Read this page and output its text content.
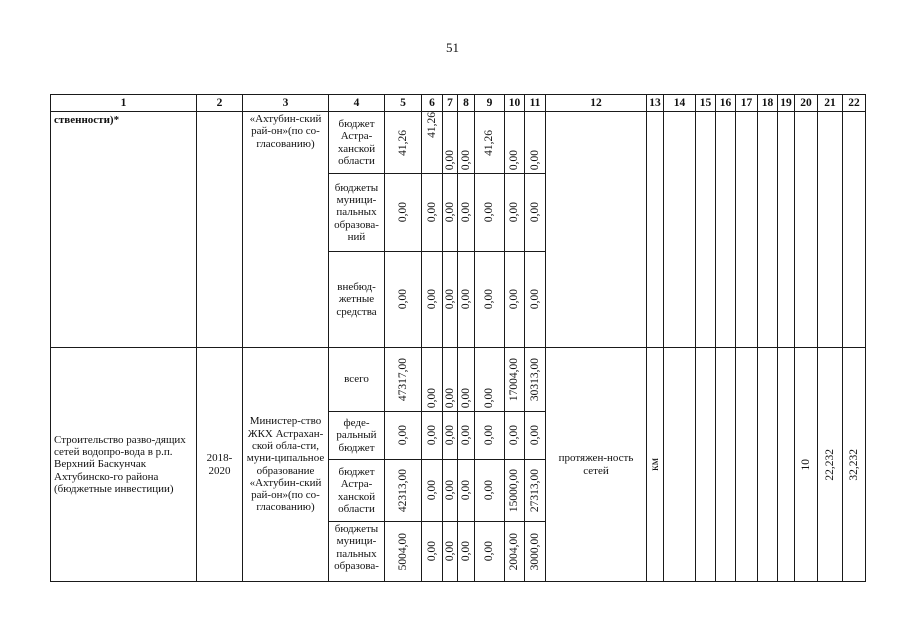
51
1	2	3	4	5	6	7	8	9	10	11	12	13	14	15	16	17	18	19	20	21	22
ственности)*		«Ахтубин-ский рай-он»(по со-гласованию)	бюджет Астра-ханской области	41,26	41,26	0,00	0,00	41,26	0,00	0,00											

			бюджеты муници-пальных образова-ний	0,00	0,00	0,00	0,00	0,00	0,00	0,00											

			внебюд-жетные средства	0,00	0,00	0,00	0,00	0,00	0,00	0,00											

Строительство разво-дящих сетей водопро-вода в р.п. Верхний Баскунчак Ахтубинско-го района (бюджетные инвестиции)	2018-2020	Министер-ство ЖКХ Астрахан-ской обла-сти, муни-ципальное образование «Ахтубин-ский рай-он»(по со-гласованию)	всего	47317,00	0,00	0,00	0,00	0,00	17004,00	30313,00	протяжен-ность сетей	км							10	22,232	32,232

			феде-ральный бюджет	0,00	0,00	0,00	0,00	0,00	0,00	0,00											

			бюджет Астра-ханской области	42313,00	0,00	0,00	0,00	0,00	15000,00	27313,00											

			бюджеты муници-пальных образова-	5004,00	0,00	0,00	0,00	0,00	2004,00	3000,00											
